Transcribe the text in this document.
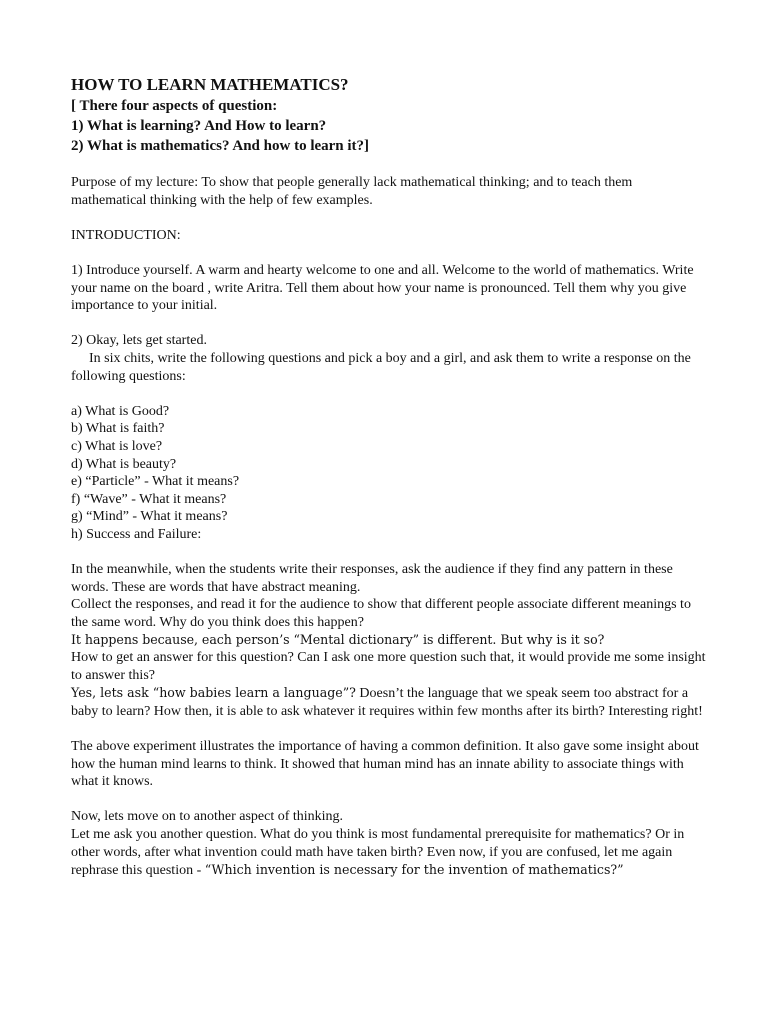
HOW TO LEARN MATHEMATICS?

[ There four aspects of question:

1) What is learning? And How to learn?

2) What is mathematics? And how to learn it?]

Purpose of my lecture: To show that people generally lack mathematical thinking; and to teach them mathematical thinking with the help of few examples.

INTRODUCTION:

1) Introduce yourself. A warm and hearty welcome to one and all. Welcome to the world of mathematics. Write your name on the board , write Aritra. Tell them about how your name is pronounced. Tell them why you give importance to your initial.

2) Okay, lets get started.

In six chits, write the following questions and pick a boy and a girl, and ask them to write a response on the following questions:

a) What is Good?

b) What is faith?

c) What is love?

d) What is beauty?

e) “Particle” - What it means?

f) “Wave” - What it means?

g) “Mind” - What it means?

h) Success and Failure:

In the meanwhile, when the students write their responses, ask the audience if they find any pattern in these words. These are words that have abstract meaning.

Collect the responses, and read it for the audience to show that different people associate different meanings to the same word. Why do you think does this happen?

It happens because, each person’s “Mental dictionary” is different. But why is it so?

How to get an answer for this question? Can I ask one more question such that, it would provide me some insight to answer this?

Yes, lets ask “how babies learn a language”? Doesn’t the language that we speak seem too abstract for a baby to learn? How then, it is able to ask whatever it requires within few months after its birth? Interesting right!

The above experiment illustrates the importance of having a common definition. It also gave some insight about how the human mind learns to think. It showed that human mind has an innate ability to associate things with what it knows.

Now, lets move on to another aspect of thinking.

Let me ask you another question. What do you think is most fundamental prerequisite for mathematics? Or in other words, after what invention could math have taken birth? Even now, if you are confused, let me again rephrase this question - “Which invention is necessary for the invention of mathematics?”
